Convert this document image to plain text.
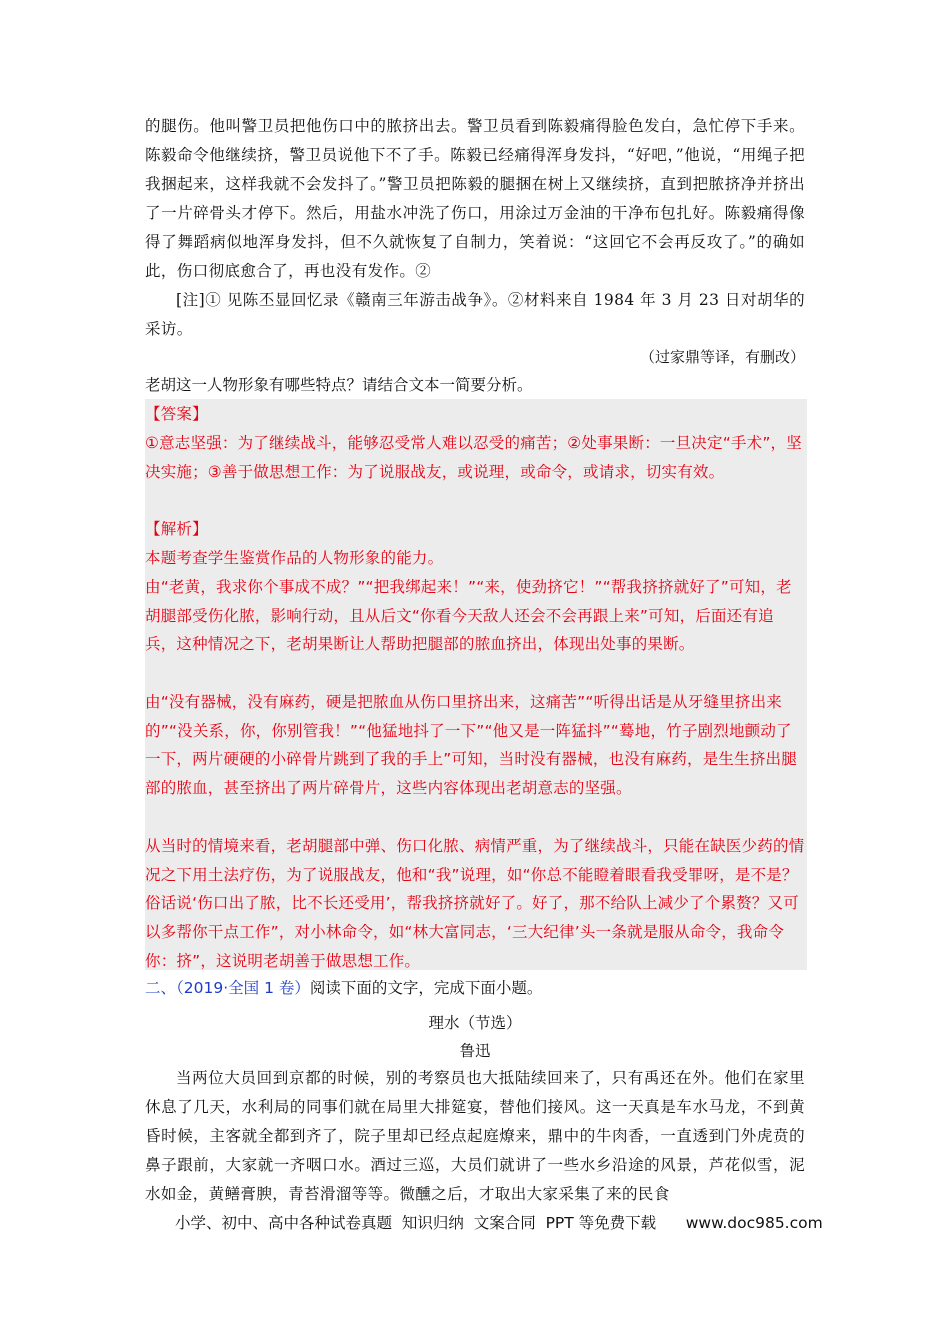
的腿伤。他叫警卫员把他伤口中的脓挤出去。警卫员看到陈毅痛得脸色发白，急忙停下手来。陈毅命令他继续挤，警卫员说他下不了手。陈毅已经痛得浑身发抖，“好吧，”他说，“用绳子把我捆起来，这样我就不会发抖了。”警卫员把陈毅的腿捆在树上又继续挤，直到把脓挤净并挤出了一片碎骨头才停下。然后，用盐水冲洗了伤口，用涂过万金油的干净布包扎好。陈毅痛得像得了舞蹈病似地浑身发抖，但不久就恢复了自制力，笑着说：“这回它不会再反攻了。”的确如此，伤口彻底愈合了，再也没有发作。②

[注]① 见陈丕显回忆录《赣南三年游击战争》。②材料来自 1984 年 3 月 23 日对胡华的采访。

（过家鼎等译，有删改）
老胡这一人物形象有哪些特点？请结合文本一简要分析。
【答案】

①意志坚强：为了继续战斗，能够忍受常人难以忍受的痛苦；②处事果断：一旦决定“手术”，坚决实施；③善于做思想工作：为了说服战友，或说理，或命令，或请求，切实有效。

【解析】

本题考查学生鉴赏作品的人物形象的能力。

由“老黄，我求你个事成不成？”“把我绑起来！”“来，使劲挤它！”“帮我挤挤就好了”可知，老胡腿部受伤化脓，影响行动，且从后文“你看今天敌人还会不会再跟上来”可知，后面还有追兵，这种情况之下，老胡果断让人帮助把腿部的脓血挤出，体现出处事的果断。

由“没有器械，没有麻药，硬是把脓血从伤口里挤出来，这痛苦”“听得出话是从牙缝里挤出来的”“没关系，你，你别管我！”“他猛地抖了一下”“他又是一阵猛抖”“蓦地，竹子剧烈地颤动了一下，两片硬硬的小碎骨片跳到了我的手上”可知，当时没有器械，也没有麻药，是生生挤出腿部的脓血，甚至挤出了两片碎骨片，这些内容体现出老胡意志的坚强。

从当时的情境来看，老胡腿部中弹、伤口化脓、病情严重，为了继续战斗，只能在缺医少药的情况之下用土法疗伤，为了说服战友，他和“我”说理，如“你总不能瞪着眼看我受罪呀，是不是？俗话说‘伤口出了脓，比不长还受用’，帮我挤挤就好了。好了，那不给队上减少了个累赘？又可以多帮你干点工作”，对小林命令，如“林大富同志，‘三大纪律’头一条就是服从命令，我命令你：挤”，这说明老胡善于做思想工作。

二、（2019·全国 1 卷）阅读下面的文字，完成下面小题。
理水（节选）
鲁迅

当两位大员回到京都的时候，别的考察员也大抵陆续回来了，只有禹还在外。他们在家里休息了几天，水利局的同事们就在局里大排筵宴，替他们接风。这一天真是车水马龙，不到黄昏时候，主客就全都到齐了，院子里却已经点起庭燎来，鼎中的牛肉香，一直透到门外虎贲的鼻子跟前，大家就一齐咽口水。酒过三巡，大员们就讲了一些水乡沿途的风景，芦花似雪，泥水如金，黄鳝膏腴，青苔滑溜等等。微醺之后，才取出大家采集了来的民食

小学、初中、高中各种试卷真题  知识归纳  文案合同  PPT 等免费下载      www.doc985.com
